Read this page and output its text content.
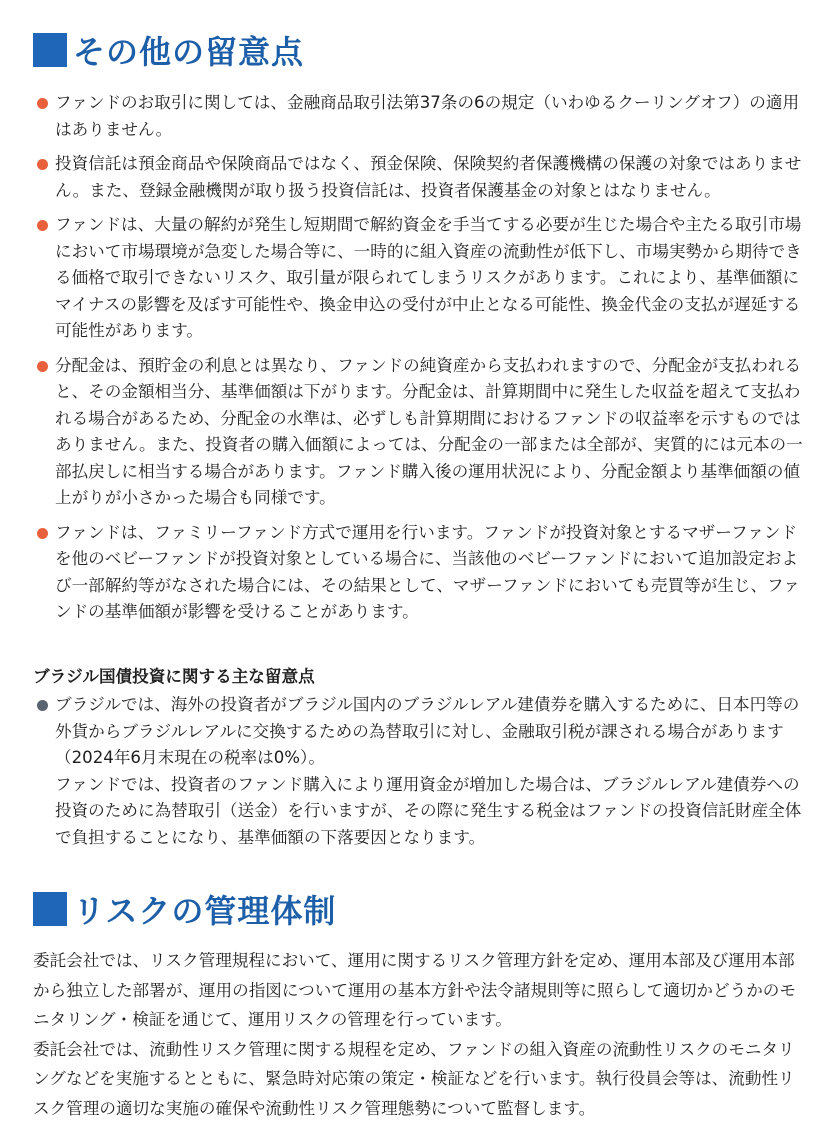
その他の留意点
ファンドのお取引に関しては、金融商品取引法第37条の6の規定（いわゆるクーリングオフ）の適用はありません。
投資信託は預金商品や保険商品ではなく、預金保険、保険契約者保護機構の保護の対象ではありません。また、登録金融機関が取り扱う投資信託は、投資者保護基金の対象とはなりません。
ファンドは、大量の解約が発生し短期間で解約資金を手当てする必要が生じた場合や主たる取引市場において市場環境が急変した場合等に、一時的に組入資産の流動性が低下し、市場実勢から期待できる価格で取引できないリスク、取引量が限られてしまうリスクがあります。これにより、基準価額にマイナスの影響を及ぼす可能性や、換金申込の受付が中止となる可能性、換金代金の支払が遅延する可能性があります。
分配金は、預貯金の利息とは異なり、ファンドの純資産から支払われますので、分配金が支払われると、その金額相当分、基準価額は下がります。分配金は、計算期間中に発生した収益を超えて支払われる場合があるため、分配金の水準は、必ずしも計算期間におけるファンドの収益率を示すものではありません。また、投資者の購入価額によっては、分配金の一部または全部が、実質的には元本の一部払戻しに相当する場合があります。ファンド購入後の運用状況により、分配金額より基準価額の値上がりが小さかった場合も同様です。
ファンドは、ファミリーファンド方式で運用を行います。ファンドが投資対象とするマザーファンドを他のベビーファンドが投資対象としている場合に、当該他のベビーファンドにおいて追加設定および一部解約等がなされた場合には、その結果として、マザーファンドにおいても売買等が生じ、ファンドの基準価額が影響を受けることがあります。
ブラジル国債投資に関する主な留意点
ブラジルでは、海外の投資者がブラジル国内のブラジルレアル建債券を購入するために、日本円等の外貨からブラジルレアルに交換するための為替取引に対し、金融取引税が課される場合があります（2024年6月末現在の税率は0%）。
ファンドでは、投資者のファンド購入により運用資金が増加した場合は、ブラジルレアル建債券への投資のために為替取引（送金）を行いますが、その際に発生する税金はファンドの投資信託財産全体で負担することになり、基準価額の下落要因となります。
リスクの管理体制

委託会社では、リスク管理規程において、運用に関するリスク管理方針を定め、運用本部及び運用本部から独立した部署が、運用の指図について運用の基本方針や法令諸規則等に照らして適切かどうかのモニタリング・検証を通じて、運用リスクの管理を行っています。

委託会社では、流動性リスク管理に関する規程を定め、ファンドの組入資産の流動性リスクのモニタリングなどを実施するとともに、緊急時対応策の策定・検証などを行います。執行役員会等は、流動性リスク管理の適切な実施の確保や流動性リスク管理態勢について監督します。
